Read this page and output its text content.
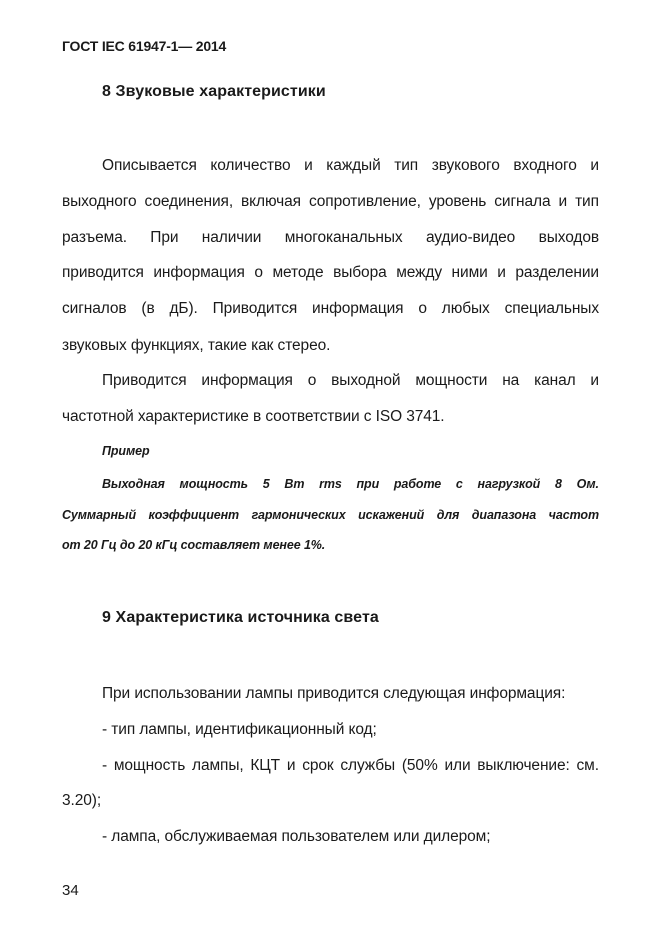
ГОСТ IEC 61947-1— 2014
8 Звуковые характеристики
Описывается количество и каждый тип звукового входного и
выходного соединения, включая сопротивление, уровень сигнала и тип
разъема. При наличии многоканальных аудио-видео выходов
приводится информация о методе выбора между ними и разделении
сигналов (в дБ). Приводится информация о любых специальных
звуковых функциях, такие как стерео.
Приводится информация о выходной мощности на канал и
частотной характеристике в соответствии с ISO 3741.
Пример
Выходная мощность 5 Вт rms при работе с нагрузкой 8 Ом.
Суммарный коэффициент гармонических искажений для диапазона частот
от 20 Гц до 20 кГц составляет менее 1%.
9 Характеристика источника света
При использовании лампы приводится следующая информация:
- тип лампы, идентификационный код;
- мощность лампы, КЦТ и срок службы (50% или выключение: см.
3.20);
- лампа, обслуживаемая пользователем или дилером;
34
